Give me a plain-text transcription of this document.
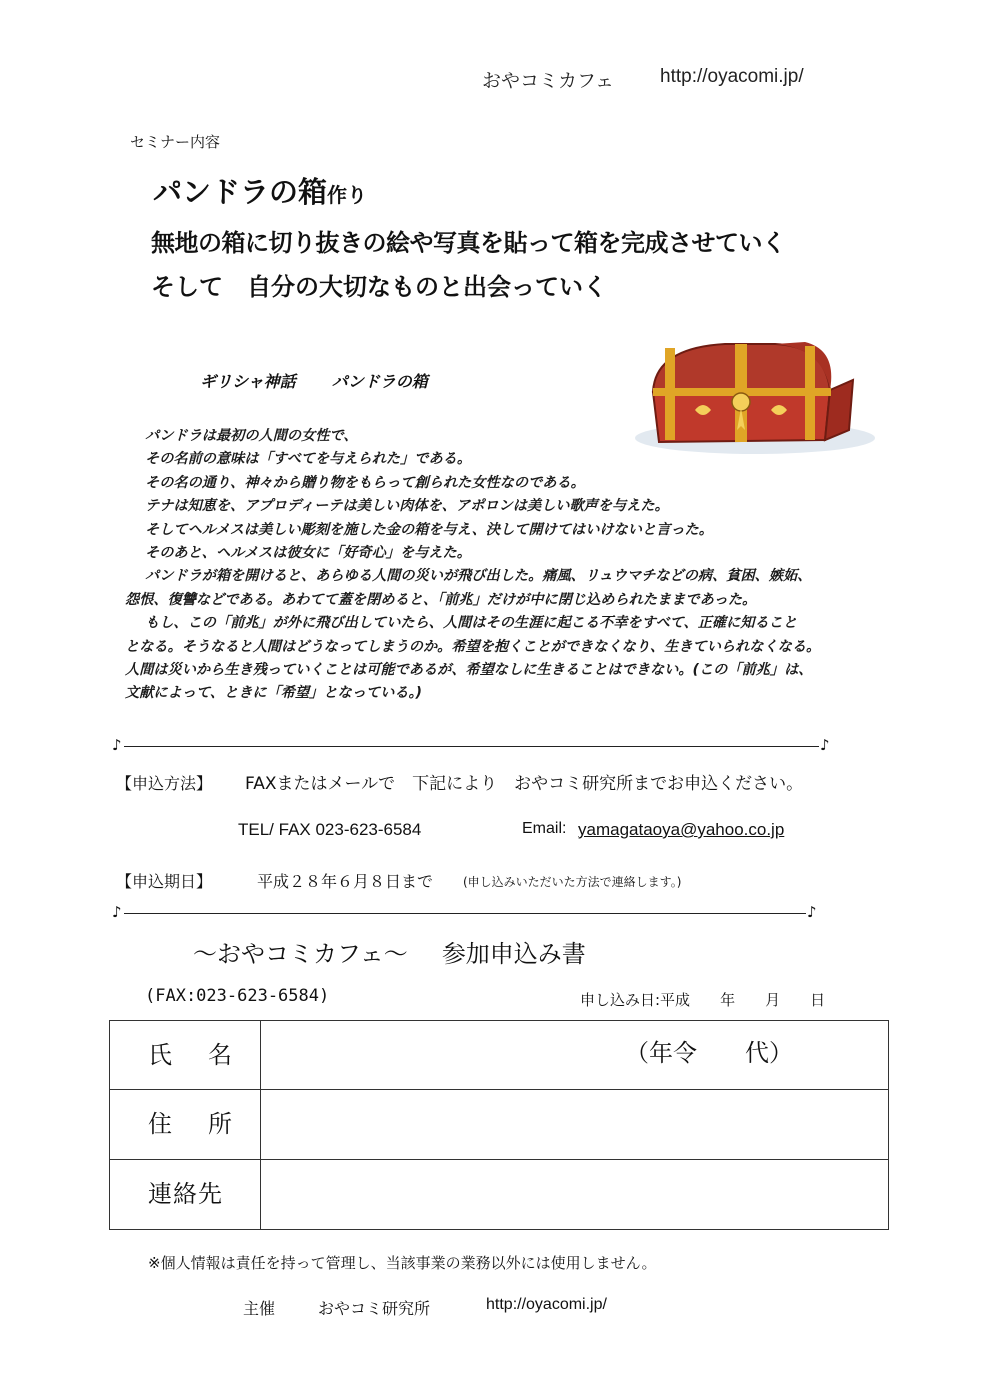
おやコミカフェ http://oyacomi.jp/
セミナー内容
パンドラの箱作り
無地の箱に切り抜きの絵や写真を貼って箱を完成させていく
そして　自分の大切なものと出会っていく
ギリシャ神話 パンドラの箱
パンドラは最初の人間の女性で、
その名前の意味は「すべてを与えられた」である。
その名の通り、神々から贈り物をもらって創られた女性なのである。
テナは知恵を、アプロディーテは美しい肉体を、アポロンは美しい歌声を与えた。
そしてヘルメスは美しい彫刻を施した金の箱を与え、決して開けてはいけないと言った。
そのあと、ヘルメスは彼女に「好奇心」を与えた。
パンドラが箱を開けると、あらゆる人間の災いが飛び出した。痛風、リュウマチなどの病、貧困、嫉妬、
怨恨、復讐などである。あわてて蓋を閉めると、「前兆」だけが中に閉じ込められたままであった。
もし、この「前兆」が外に飛び出していたら、人間はその生涯に起こる不幸をすべて、正確に知ること
となる。そうなると人間はどうなってしまうのか。希望を抱くことができなくなり、生きていられなくなる。
人間は災いから生き残っていくことは可能であるが、希望なしに生きることはできない。(この「前兆」は、
文献によって、ときに「希望」となっている。)
♪	♪
【申込方法】 FAXまたはメールで　下記により　おやコミ研究所までお申込ください。
TEL/ FAX 023-623-6584	Email: yamagataoya@yahoo.co.jp
【申込期日】	平成２８年６月８日まで (申し込みいただいた方法で連絡します。)
♪	♪
～おやコミカフェ～ 参加申込み書
(FAX:023-623-6584)	申し込み日:平成 年 月 日
氏　名	（年令　　代）
住　所
連絡先
※個人情報は責任を持って管理し、当該事業の業務以外には使用しません。
主催	おやコミ研究所	http://oyacomi.jp/
